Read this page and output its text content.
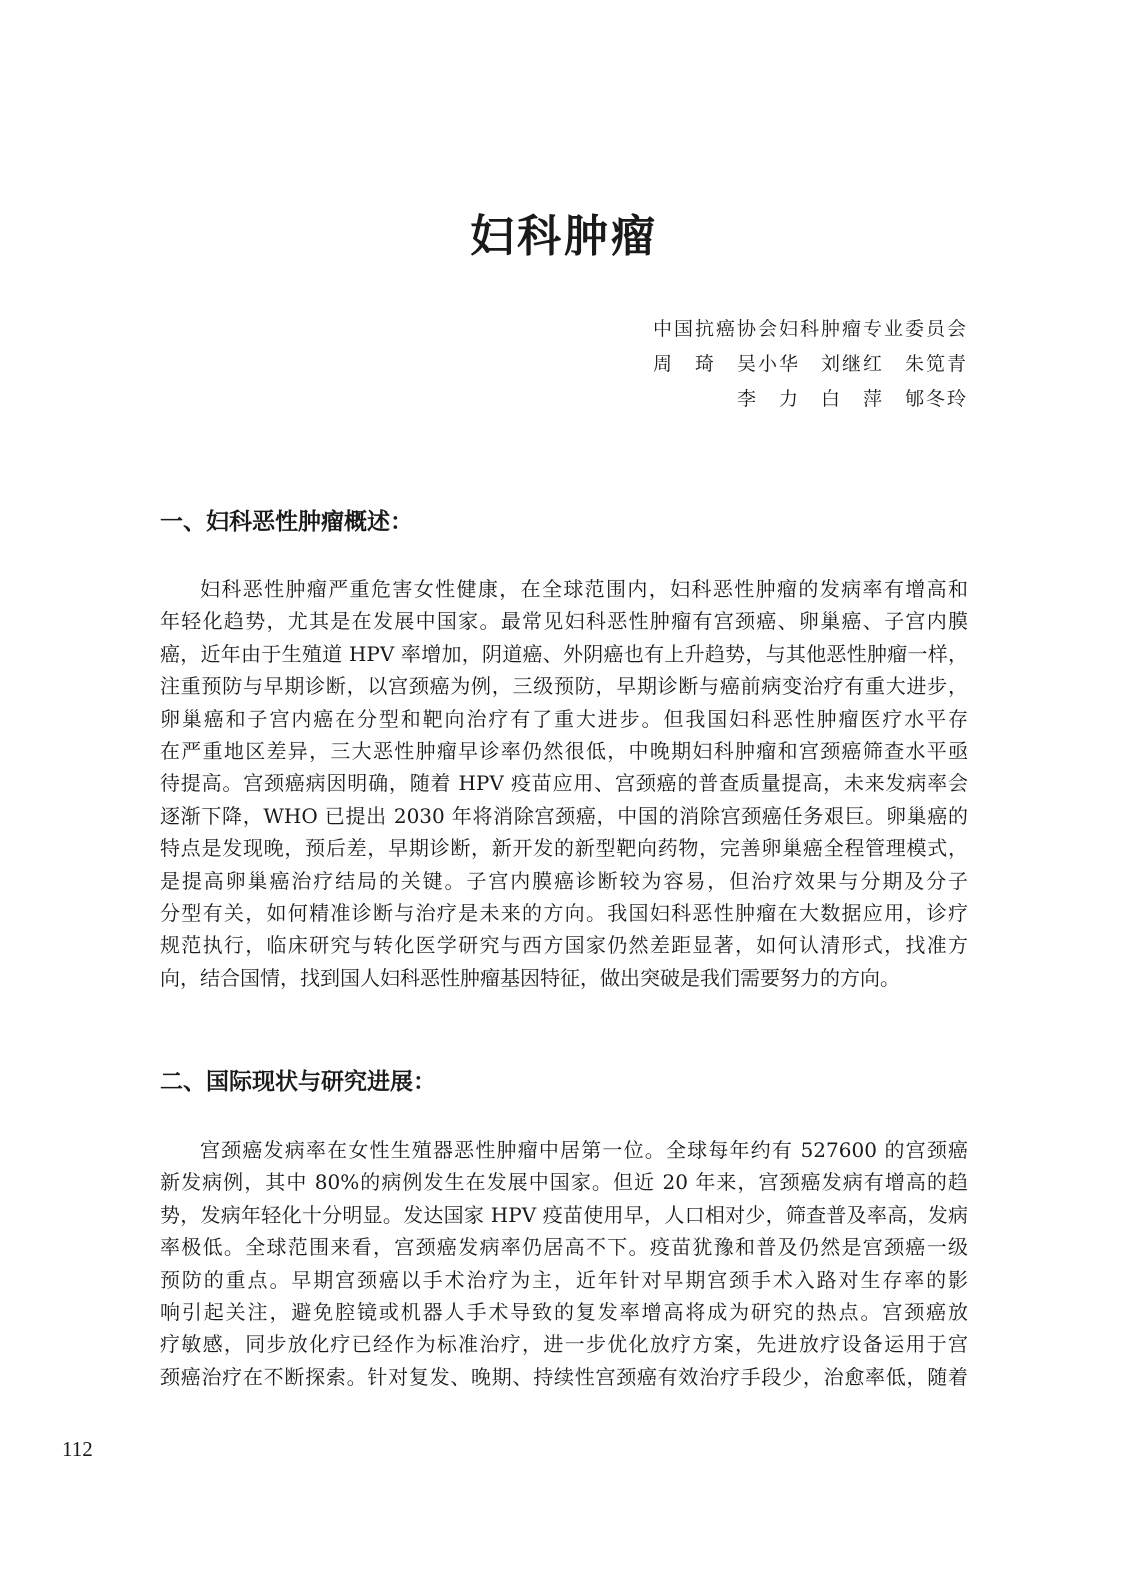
妇科肿瘤
中国抗癌协会妇科肿瘤专业委员会
周　琦　吴小华　刘继红　朱笕青
李　力　白　萍　郇冬玲
一、妇科恶性肿瘤概述：
妇科恶性肿瘤严重危害女性健康，在全球范围内，妇科恶性肿瘤的发病率有增高和
年轻化趋势，尤其是在发展中国家。最常见妇科恶性肿瘤有宫颈癌、卵巢癌、子宫内膜
癌，近年由于生殖道 HPV 率增加，阴道癌、外阴癌也有上升趋势，与其他恶性肿瘤一样，
注重预防与早期诊断，以宫颈癌为例，三级预防，早期诊断与癌前病变治疗有重大进步，
卵巢癌和子宫内癌在分型和靶向治疗有了重大进步。但我国妇科恶性肿瘤医疗水平存
在严重地区差异，三大恶性肿瘤早诊率仍然很低，中晚期妇科肿瘤和宫颈癌筛查水平亟
待提高。宫颈癌病因明确，随着 HPV 疫苗应用、宫颈癌的普查质量提高，未来发病率会
逐渐下降，WHO 已提出 2030 年将消除宫颈癌，中国的消除宫颈癌任务艰巨。卵巢癌的
特点是发现晚，预后差，早期诊断，新开发的新型靶向药物，完善卵巢癌全程管理模式，
是提高卵巢癌治疗结局的关键。子宫内膜癌诊断较为容易，但治疗效果与分期及分子
分型有关，如何精准诊断与治疗是未来的方向。我国妇科恶性肿瘤在大数据应用，诊疗
规范执行，临床研究与转化医学研究与西方国家仍然差距显著，如何认清形式，找准方
向，结合国情，找到国人妇科恶性肿瘤基因特征，做出突破是我们需要努力的方向。
二、国际现状与研究进展：
宫颈癌发病率在女性生殖器恶性肿瘤中居第一位。全球每年约有 527600 的宫颈癌
新发病例，其中 80%的病例发生在发展中国家。但近 20 年来，宫颈癌发病有增高的趋
势，发病年轻化十分明显。发达国家 HPV 疫苗使用早，人口相对少，筛查普及率高，发病
率极低。全球范围来看，宫颈癌发病率仍居高不下。疫苗犹豫和普及仍然是宫颈癌一级
预防的重点。早期宫颈癌以手术治疗为主，近年针对早期宫颈手术入路对生存率的影
响引起关注，避免腔镜或机器人手术导致的复发率增高将成为研究的热点。宫颈癌放
疗敏感，同步放化疗已经作为标准治疗，进一步优化放疗方案，先进放疗设备运用于宫
颈癌治疗在不断探索。针对复发、晚期、持续性宫颈癌有效治疗手段少，治愈率低，随着
112
